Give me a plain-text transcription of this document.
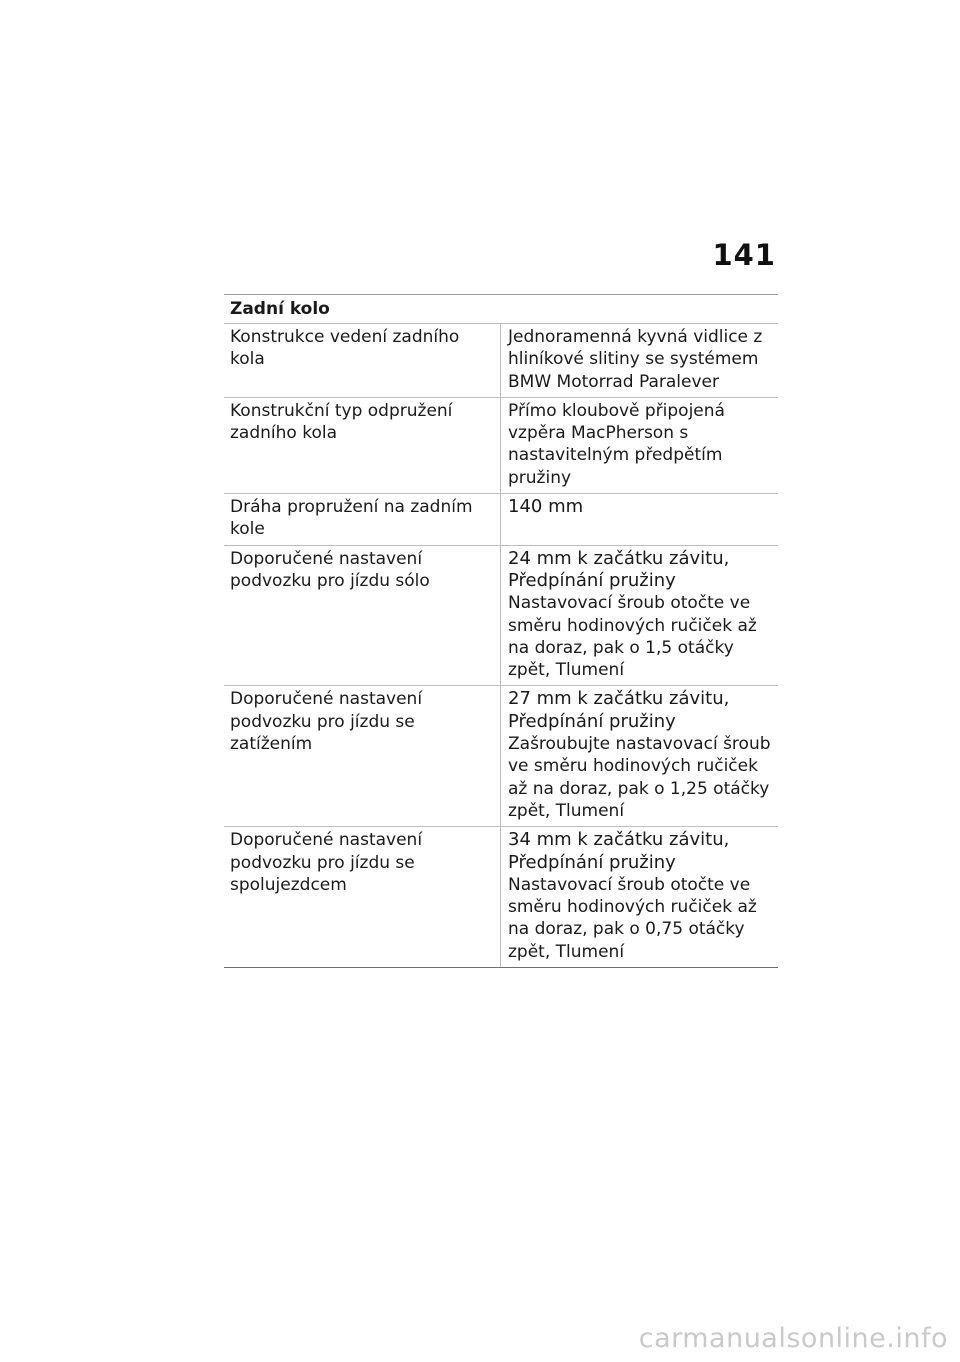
141
Zadní kolo
Konstrukce vedení zadního kola
Jednoramenná kyvná vidlice z hliníkové slitiny se systémem BMW Motorrad Paralever
Konstrukční typ odpružení zadního kola
Přímo kloubově připojená vzpěra MacPherson s nastavitelným předpětím pružiny
Dráha propružení na zadním kole
140 mm
Doporučené nastavení podvozku pro jízdu sólo
24 mm k začátku závitu, Předpínání pružiny
Nastavovací šroub otočte ve směru hodinových ručiček až na doraz, pak o 1,5 otáčky zpět, Tlumení
Doporučené nastavení podvozku pro jízdu se zatížením
27 mm k začátku závitu, Předpínání pružiny
Zašroubujte nastavovací šroub ve směru hodinových ručiček až na doraz, pak o 1,25 otáčky zpět, Tlumení
Doporučené nastavení podvozku pro jízdu se spolujezdcem
34 mm k začátku závitu, Předpínání pružiny
Nastavovací šroub otočte ve směru hodinových ručiček až na doraz, pak o 0,75 otáčky zpět, Tlumení
carmanualsonline.info
